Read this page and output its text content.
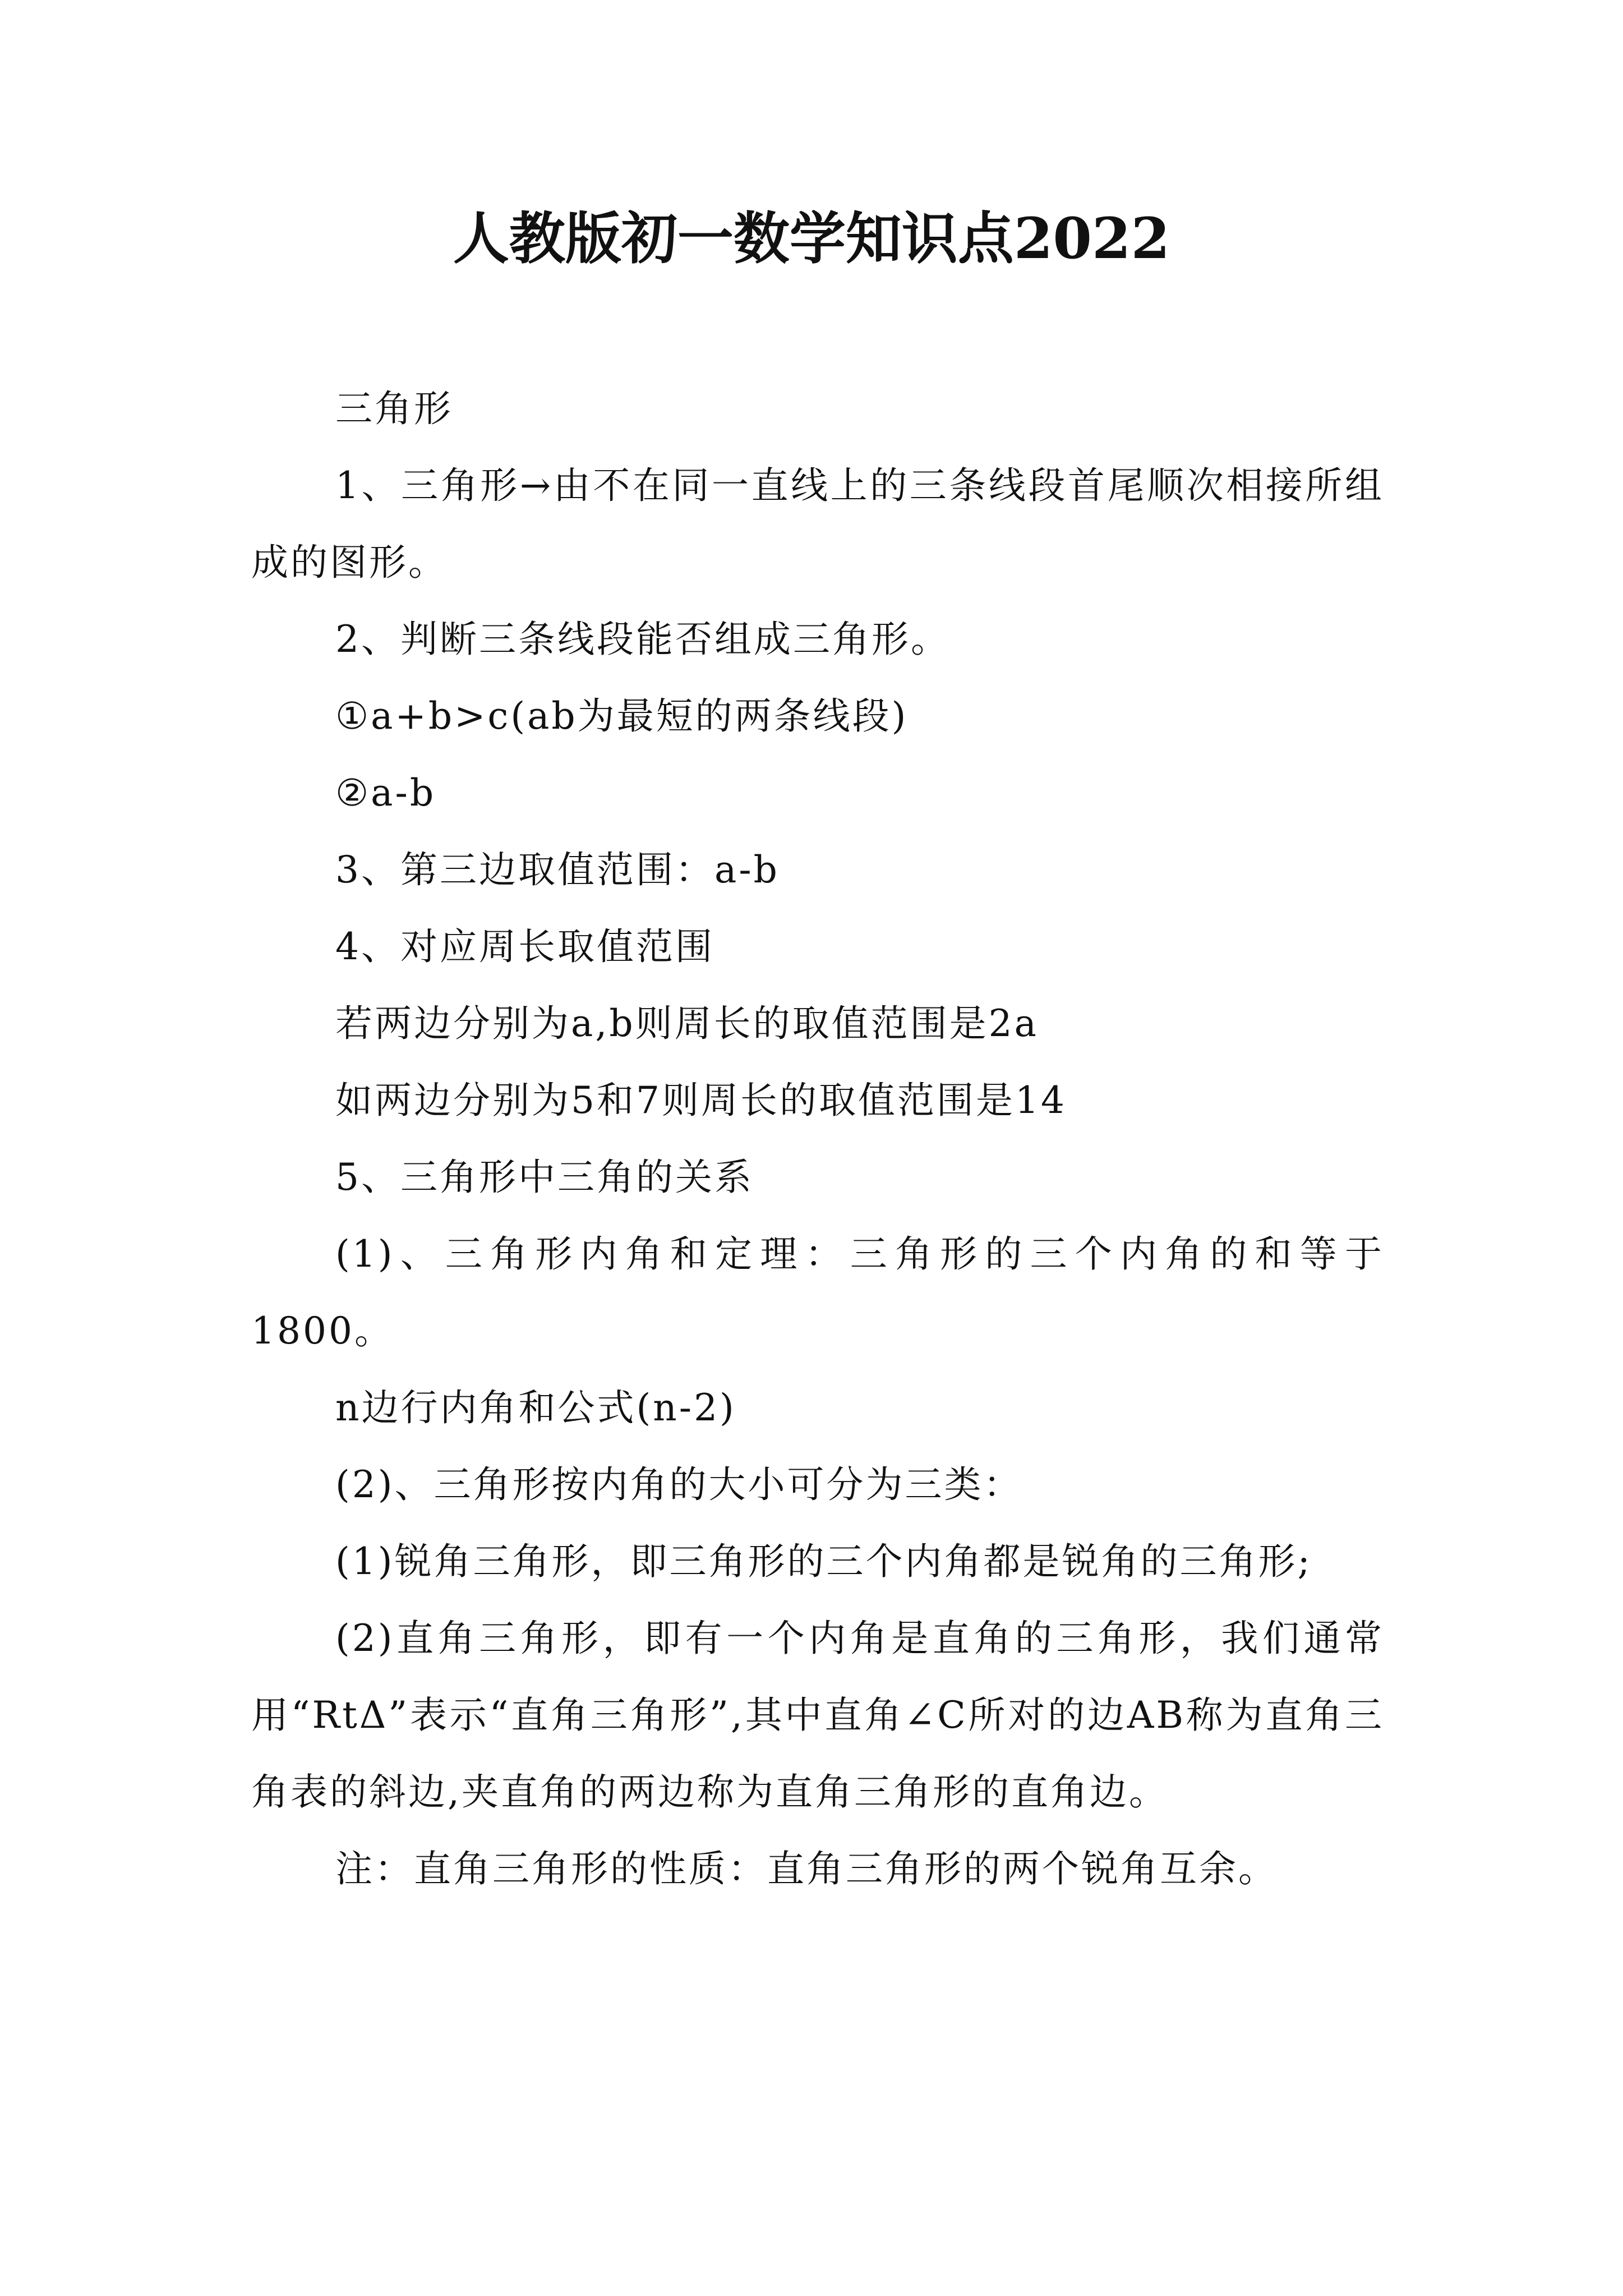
人教版初一数学知识点2022

三角形

1、三角形→由不在同一直线上的三条线段首尾顺次相接所组成的图形。

2、判断三条线段能否组成三角形。

①a+b>c(ab为最短的两条线段)

②a-b

3、第三边取值范围：a-b

4、对应周长取值范围

若两边分别为a,b则周长的取值范围是2a

如两边分别为5和7则周长的取值范围是14

5、三角形中三角的关系

(1)、三角形内角和定理：三角形的三个内角的和等于1800。

n边行内角和公式(n-2)

(2)、三角形按内角的大小可分为三类：

(1)锐角三角形，即三角形的三个内角都是锐角的三角形;

(2)直角三角形，即有一个内角是直角的三角形，我们通常用“RtΔ”表示“直角三角形”,其中直角∠C所对的边AB称为直角三角表的斜边,夹直角的两边称为直角三角形的直角边。

注：直角三角形的性质：直角三角形的两个锐角互余。
